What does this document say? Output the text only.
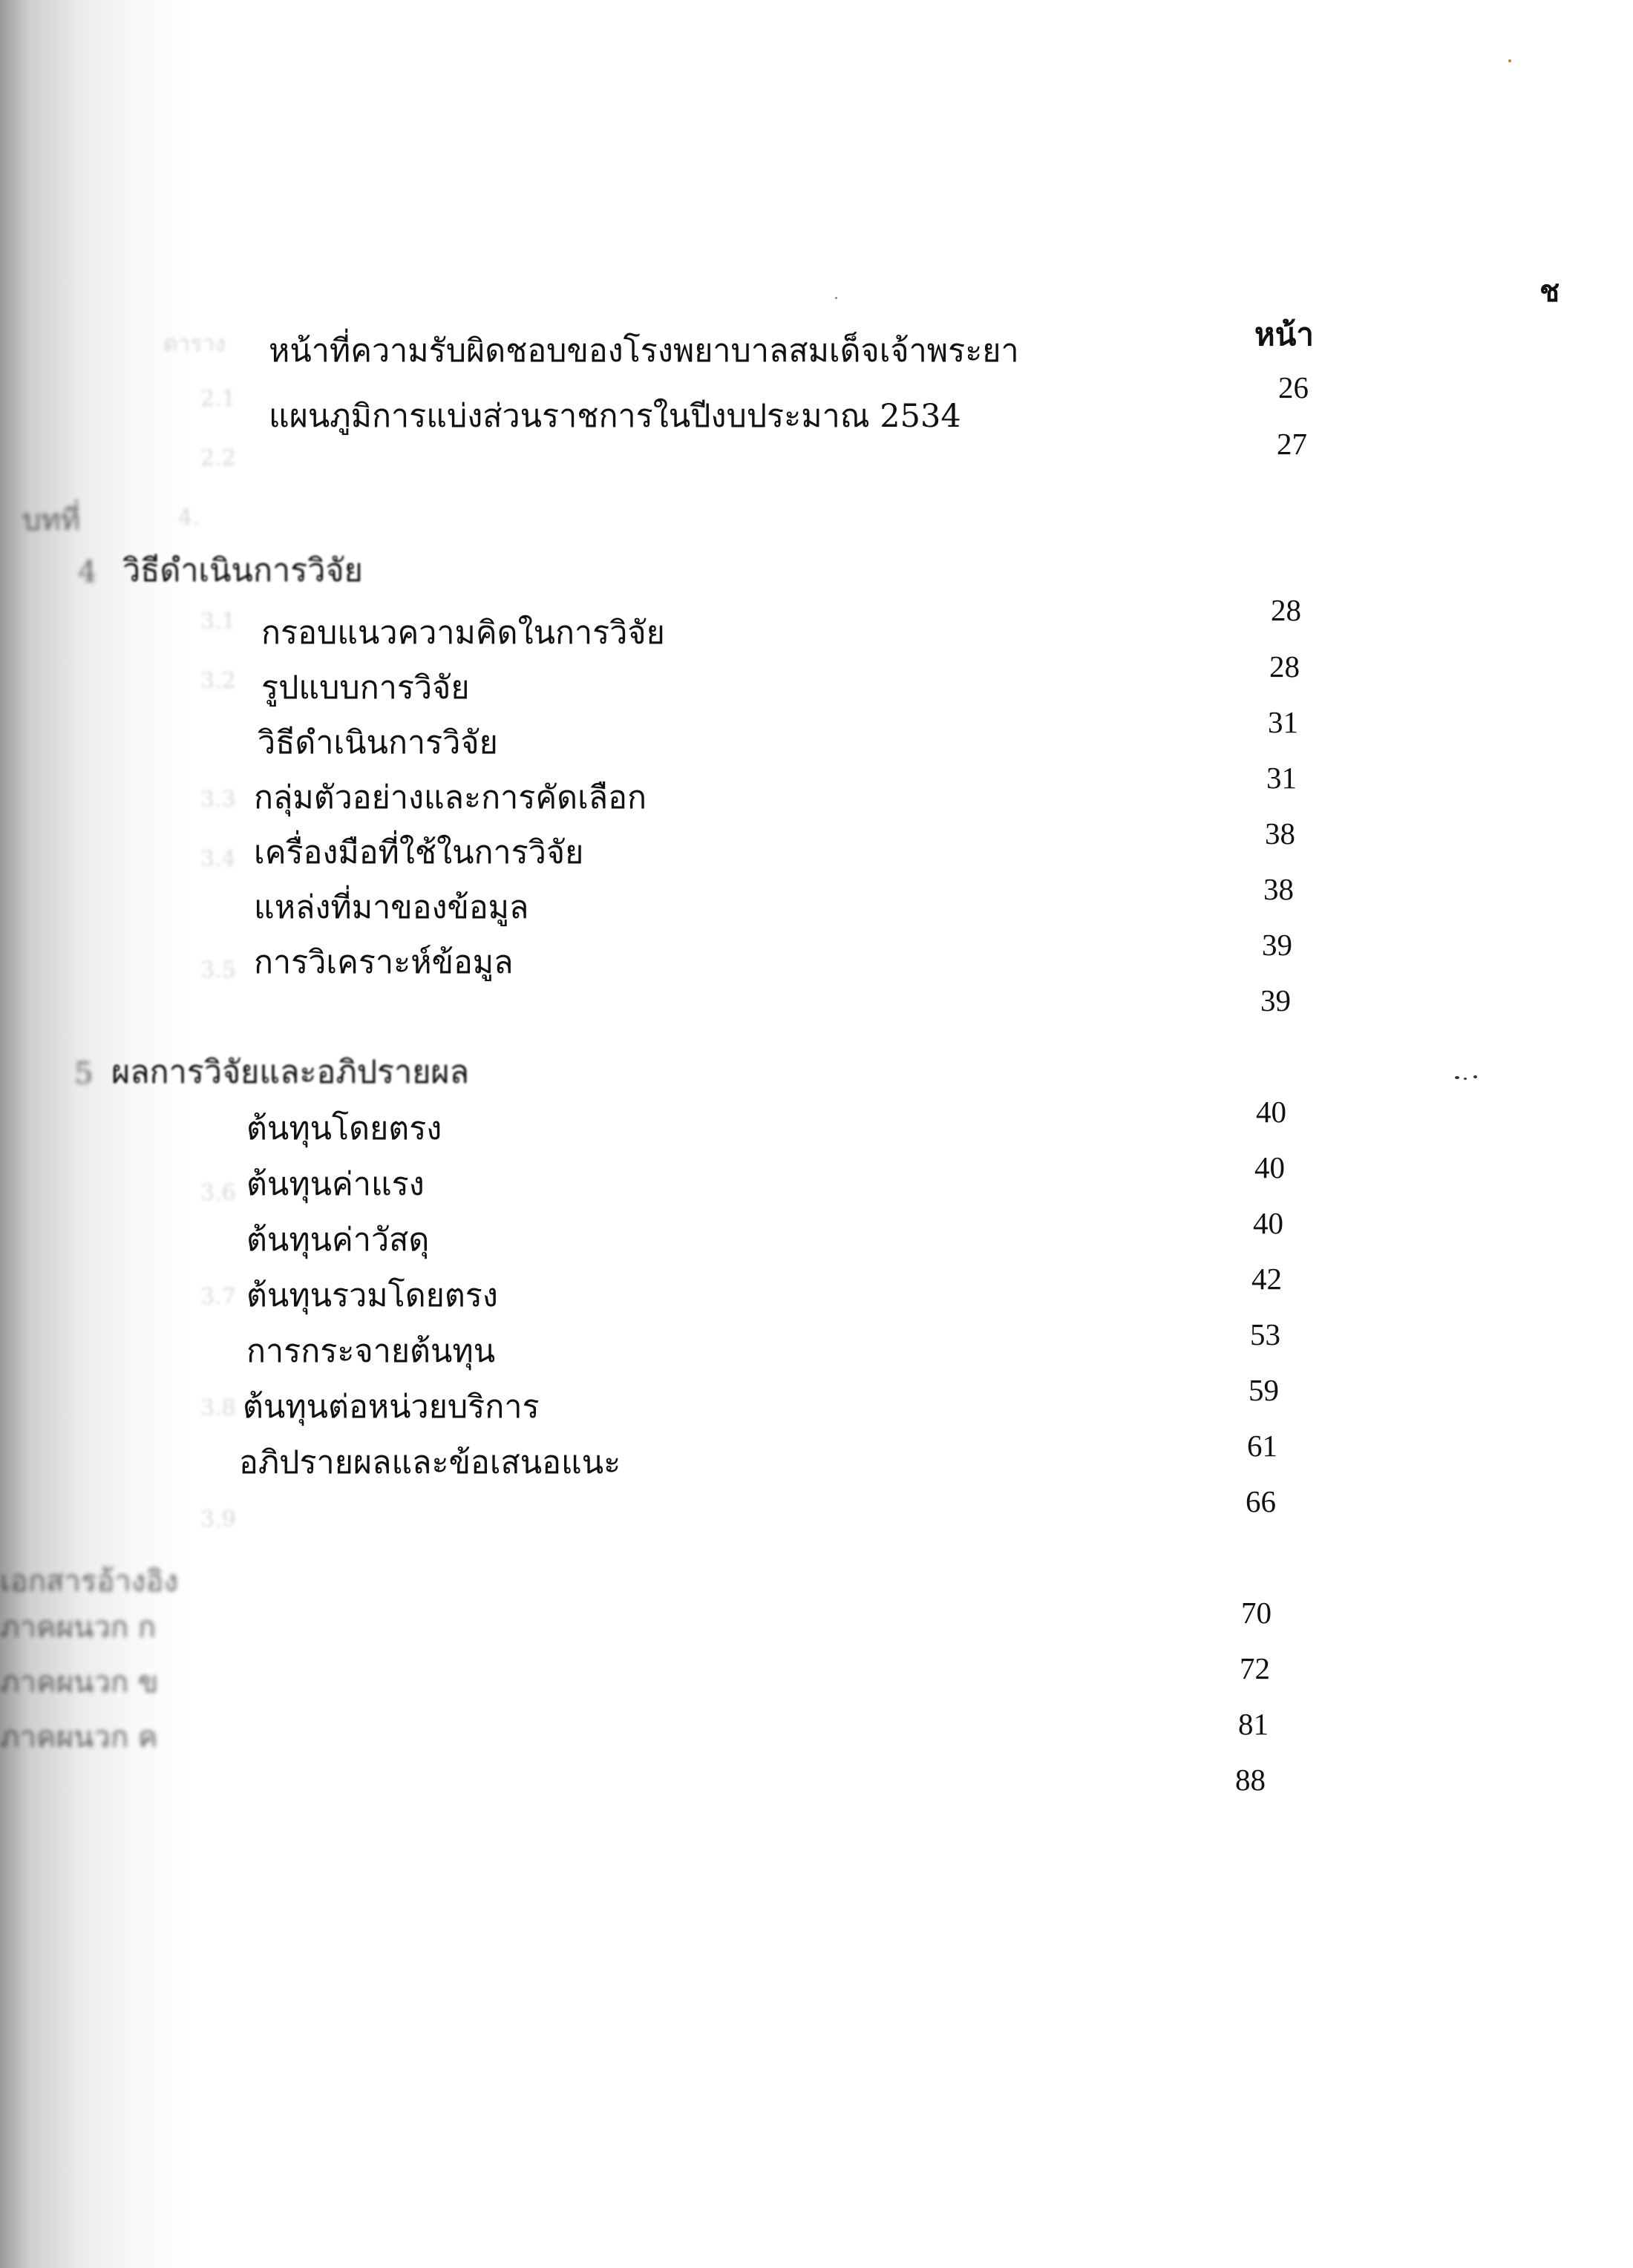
ตาราง
2.1
2.2
4.
3.1
3.2
3.3
3.4
3.5
3.6
3.7
3.8
3.9
ช
หน้า
หน้าที่ความรับผิดชอบของโรงพยาบาลสมเด็จเจ้าพระยา
แผนภูมิการแบ่งส่วนราชการในปีงบประมาณ 2534
บทที่
4 วิธีดำเนินการวิจัย
กรอบแนวความคิดในการวิจัย
รูปแบบการวิจัย
วิธีดำเนินการวิจัย
กลุ่มตัวอย่างและการคัดเลือก
เครื่องมือที่ใช้ในการวิจัย
แหล่งที่มาของข้อมูล
การวิเคราะห์ข้อมูล
5 ผลการวิจัยและอภิปรายผล
ต้นทุนโดยตรง
ต้นทุนค่าแรง
ต้นทุนค่าวัสดุ
ต้นทุนรวมโดยตรง
การกระจายต้นทุน
ต้นทุนต่อหน่วยบริการ
อภิปรายผลและข้อเสนอแนะ
เอกสารอ้างอิง
ภาคผนวก ก
ภาคผนวก ข
ภาคผนวก ค
26
27
28
28
31
31
38
38
39
39
40
40
40
42
53
59
61
66
70
72
81
88
